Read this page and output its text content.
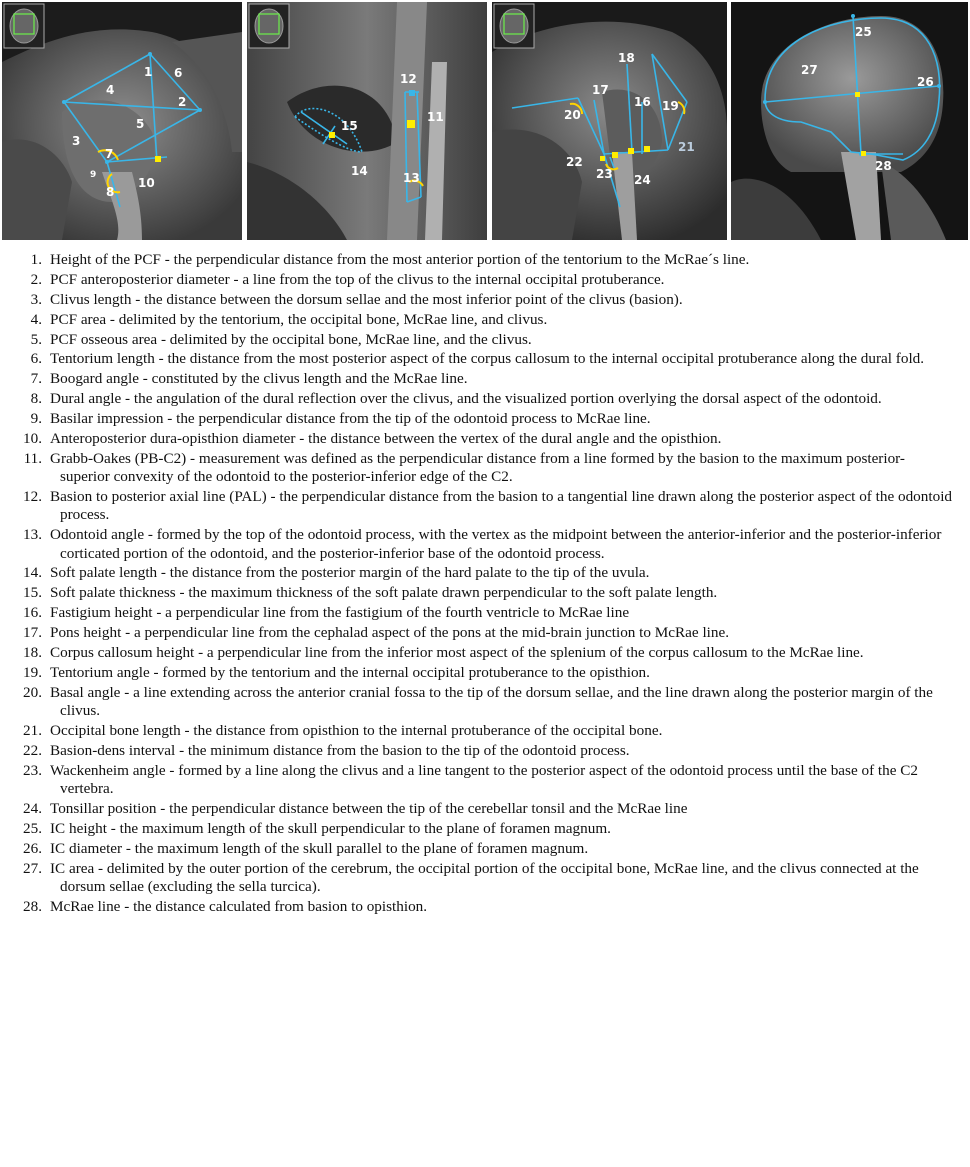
1
2
3
4
5
6
7
8
9
10
11
12
13
14
15
18
17
16 19
20
21
22
23 24
25
26
27
28
1. Height of the PCF - the perpendicular distance from the most anterior portion of the tentorium to the McRae´s line.
2. PCF anteroposterior diameter - a line from the top of the clivus to the internal occipital protuberance.
3. Clivus length - the distance between the dorsum sellae and the most inferior point of the clivus (basion).
4. PCF area - delimited by the tentorium, the occipital bone, McRae line, and clivus.
5. PCF osseous area - delimited by the occipital bone, McRae line, and the clivus.
6. Tentorium length - the distance from the most posterior aspect of the corpus callosum to the internal occipital protuberance along the dural fold.
7. Boogard angle - constituted by the clivus length and the McRae line.
8. Dural angle - the angulation of the dural reflection over the clivus, and the visualized portion overlying the dorsal aspect of the odontoid.
9. Basilar impression - the perpendicular distance from the tip of the odontoid process to McRae line.
10. Anteroposterior dura-opisthion diameter - the distance between the vertex of the dural angle and the opisthion.
11. Grabb-Oakes (PB-C2) - measurement was defined as the perpendicular distance from a line formed by the basion to the maximum posterior-superior convexity of the odontoid to the posterior-inferior edge of the C2.
12. Basion to posterior axial line (PAL) - the perpendicular distance from the basion to a tangential line drawn along the posterior aspect of the odontoid process.
13. Odontoid angle - formed by the top of the odontoid process, with the vertex as the midpoint between the anterior-inferior and the posterior-inferior corticated portion of the odontoid, and the posterior-inferior base of the odontoid process.
14. Soft palate length - the distance from the posterior margin of the hard palate to the tip of the uvula.
15. Soft palate thickness - the maximum thickness of the soft palate drawn perpendicular to the soft palate length.
16. Fastigium height - a perpendicular line from the fastigium of the fourth ventricle to McRae line
17. Pons height - a perpendicular line from the cephalad aspect of the pons at the mid-brain junction to McRae line.
18. Corpus callosum height - a perpendicular line from the inferior most aspect of the splenium of the corpus callosum to the McRae line.
19. Tentorium angle - formed by the tentorium and the internal occipital protuberance to the opisthion.
20. Basal angle - a line extending across the anterior cranial fossa to the tip of the dorsum sellae, and the line drawn along the posterior margin of the clivus.
21. Occipital bone length - the distance from opisthion to the internal protuberance of the occipital bone.
22. Basion-dens interval - the minimum distance from the basion to the tip of the odontoid process.
23. Wackenheim angle - formed by a line along the clivus and a line tangent to the posterior aspect of the odontoid process until the base of the C2 vertebra.
24. Tonsillar position - the perpendicular distance between the tip of the cerebellar tonsil and the McRae line
25. IC height - the maximum length of the skull perpendicular to the plane of foramen magnum.
26. IC diameter - the maximum length of the skull parallel to the plane of foramen magnum.
27. IC area - delimited by the outer portion of the cerebrum, the occipital portion of the occipital bone, McRae line, and the clivus connected at the dorsum sellae (excluding the sella turcica).
28. McRae line - the distance calculated from basion to opisthion.
